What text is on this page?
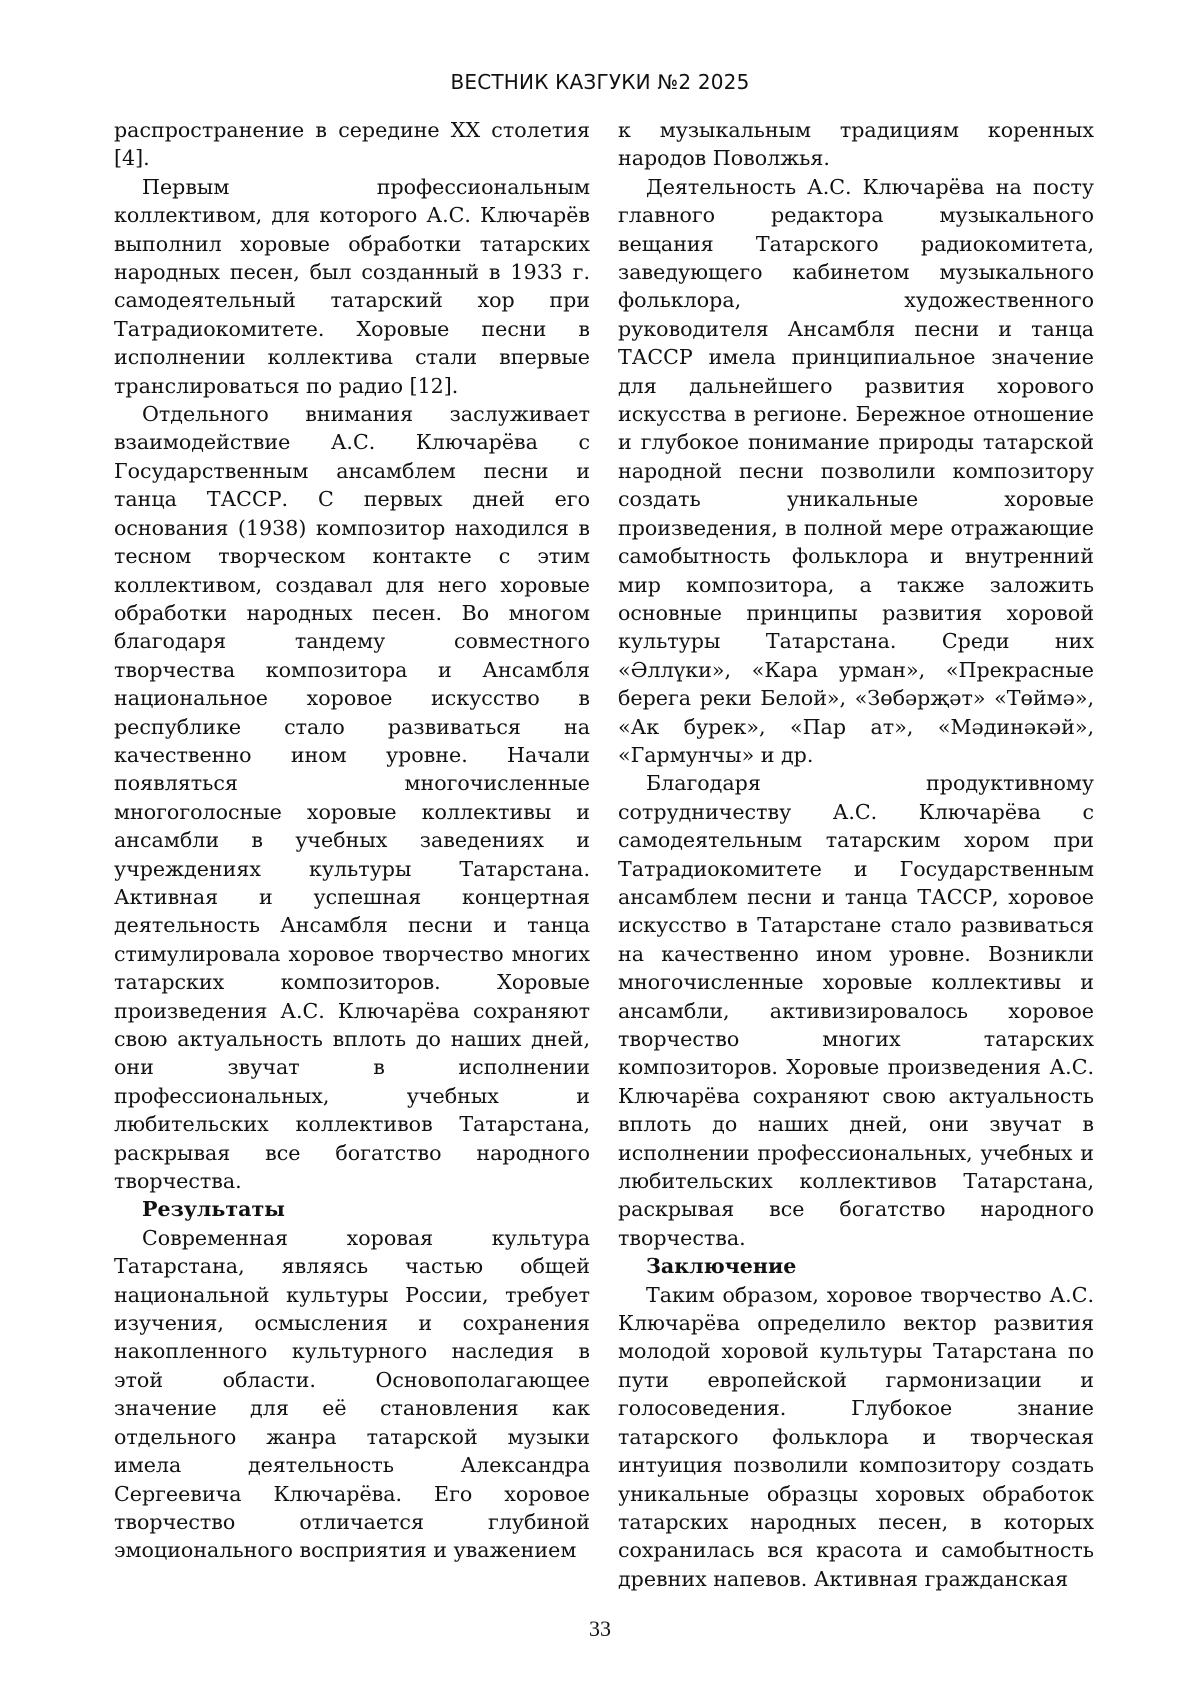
ВЕСТНИК КАЗГУКИ №2 2025

распространение в середине XX столетия [4].

Первым профессиональным коллективом, для которого А.С. Ключарёв выполнил хоровые обработки татарских народных песен, был созданный в 1933 г. самодеятельный татарский хор при Татрадиокомитете. Хоровые песни в исполнении коллектива стали впервые транслироваться по радио [12].

Отдельного внимания заслуживает взаимодействие А.С. Ключарёва с Государственным ансамблем песни и танца ТАССР. С первых дней его основания (1938) композитор находился в тесном творческом контакте с этим коллективом, создавал для него хоровые обработки народных песен. Во многом благодаря тандему совместного творчества композитора и Ансамбля национальное хоровое искусство в республике стало развиваться на качественно ином уровне. Начали появляться многочисленные многоголосные хоровые коллективы и ансамбли в учебных заведениях и учреждениях культуры Татарстана. Активная и успешная концертная деятельность Ансамбля песни и танца стимулировала хоровое творчество многих татарских композиторов. Хоровые произведения А.С. Ключарёва сохраняют свою актуальность вплоть до наших дней, они звучат в исполнении профессиональных, учебных и любительских коллективов Татарстана, раскрывая все богатство народного творчества.

Результаты

Современная хоровая культура Татарстана, являясь частью общей национальной культуры России, требует изучения, осмысления и сохранения накопленного культурного наследия в этой области. Основополагающее значение для её становления как отдельного жанра татарской музыки имела деятельность Александра Сергеевича Ключарёва. Его хоровое творчество отличается глубиной эмоционального восприятия и уважением

к музыкальным традициям коренных народов Поволжья.

Деятельность А.С. Ключарёва на посту главного редактора музыкального вещания Татарского радиокомитета, заведующего кабинетом музыкального фольклора, художественного руководителя Ансамбля песни и танца ТАССР имела принципиальное значение для дальнейшего развития хорового искусства в регионе. Бережное отношение и глубокое понимание природы татарской народной песни позволили композитору создать уникальные хоровые произведения, в полной мере отражающие самобытность фольклора и внутренний мир композитора, а также заложить основные принципы развития хоровой культуры Татарстана. Среди них «Әллүки», «Кара урман», «Прекрасные берега реки Белой», «Зөбәрҗәт» «Төймә», «Ак бурек», «Пар ат», «Мәдинәкәй», «Гармунчы» и др.

Благодаря продуктивному сотрудничеству А.С. Ключарёва с самодеятельным татарским хором при Татрадиокомитете и Государственным ансамблем песни и танца ТАССР, хоровое искусство в Татарстане стало развиваться на качественно ином уровне. Возникли многочисленные хоровые коллективы и ансамбли, активизировалось хоровое творчество многих татарских композиторов. Хоровые произведения А.С. Ключарёва сохраняют свою актуальность вплоть до наших дней, они звучат в исполнении профессиональных, учебных и любительских коллективов Татарстана, раскрывая все богатство народного творчества.

Заключение

Таким образом, хоровое творчество А.С. Ключарёва определило вектор развития молодой хоровой культуры Татарстана по пути европейской гармонизации и голосоведения. Глубокое знание татарского фольклора и творческая интуиция позволили композитору создать уникальные образцы хоровых обработок татарских народных песен, в которых сохранилась вся красота и самобытность древних напевов. Активная гражданская

33
